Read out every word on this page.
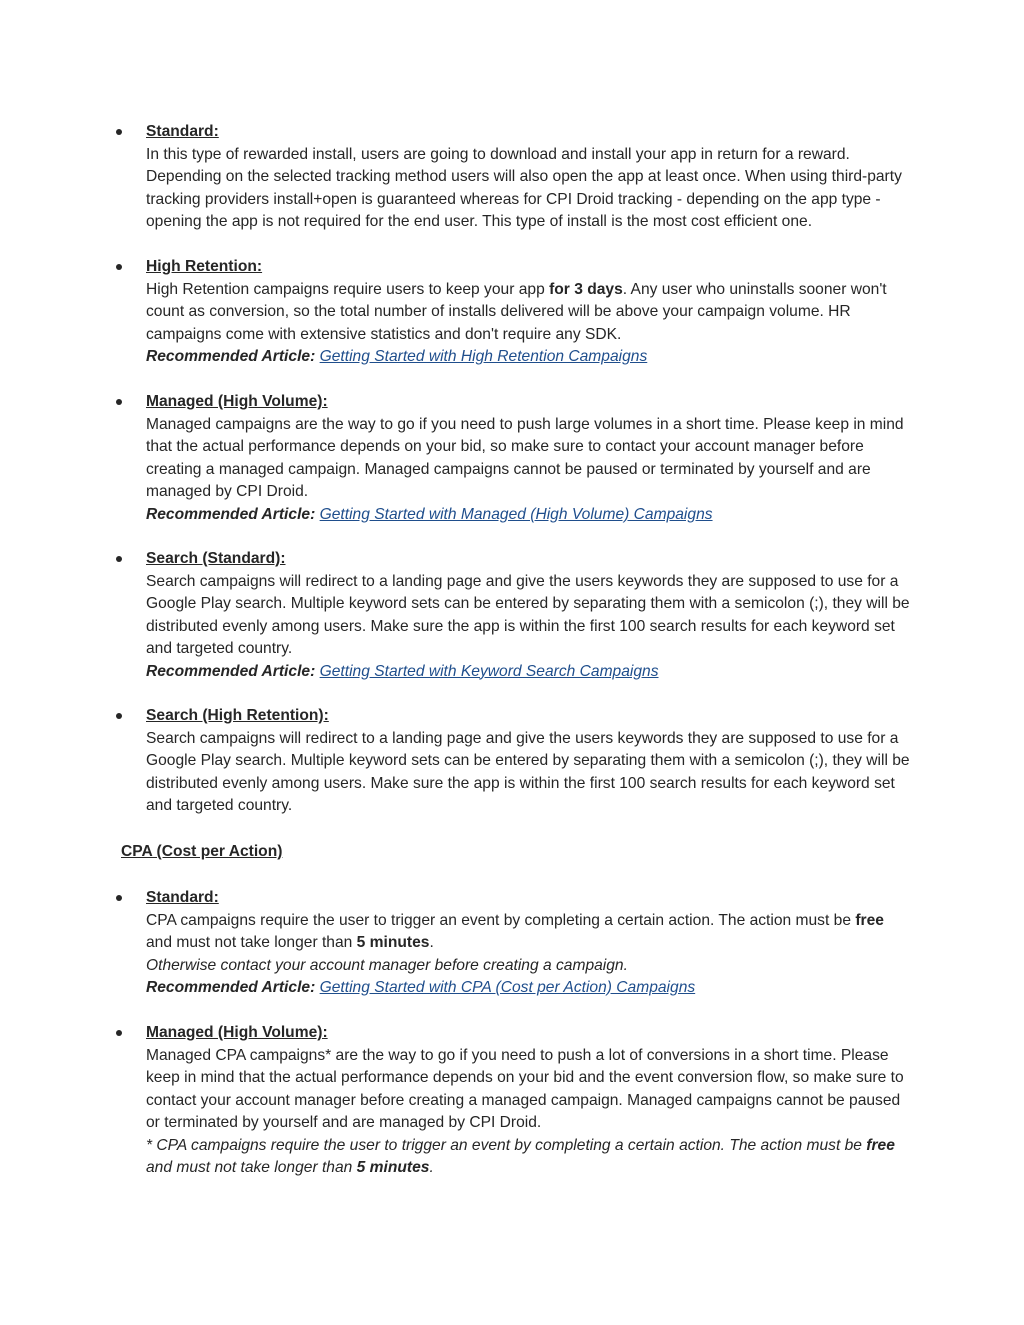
Standard:
In this type of rewarded install, users are going to download and install your app in return for a reward. Depending on the selected tracking method users will also open the app at least once. When using third-party tracking providers install+open is guaranteed whereas for CPI Droid tracking - depending on the app type - opening the app is not required for the end user. This type of install is the most cost efficient one.
High Retention:
High Retention campaigns require users to keep your app for 3 days. Any user who uninstalls sooner won't count as conversion, so the total number of installs delivered will be above your campaign volume. HR campaigns come with extensive statistics and don't require any SDK.
Recommended Article: Getting Started with High Retention Campaigns
Managed (High Volume):
Managed campaigns are the way to go if you need to push large volumes in a short time. Please keep in mind that the actual performance depends on your bid, so make sure to contact your account manager before creating a managed campaign. Managed campaigns cannot be paused or terminated by yourself and are managed by CPI Droid.
Recommended Article: Getting Started with Managed (High Volume) Campaigns
Search (Standard):
Search campaigns will redirect to a landing page and give the users keywords they are supposed to use for a Google Play search. Multiple keyword sets can be entered by separating them with a semicolon (;), they will be distributed evenly among users. Make sure the app is within the first 100 search results for each keyword set and targeted country.
Recommended Article: Getting Started with Keyword Search Campaigns
Search (High Retention):
Search campaigns will redirect to a landing page and give the users keywords they are supposed to use for a Google Play search. Multiple keyword sets can be entered by separating them with a semicolon (;), they will be distributed evenly among users. Make sure the app is within the first 100 search results for each keyword set and targeted country.
CPA (Cost per Action)
Standard:
CPA campaigns require the user to trigger an event by completing a certain action. The action must be free and must not take longer than 5 minutes.
Otherwise contact your account manager before creating a campaign.
Recommended Article: Getting Started with CPA (Cost per Action) Campaigns
Managed (High Volume):
Managed CPA campaigns* are the way to go if you need to push a lot of conversions in a short time. Please keep in mind that the actual performance depends on your bid and the event conversion flow, so make sure to contact your account manager before creating a managed campaign. Managed campaigns cannot be paused or terminated by yourself and are managed by CPI Droid.
* CPA campaigns require the user to trigger an event by completing a certain action. The action must be free and must not take longer than 5 minutes.
